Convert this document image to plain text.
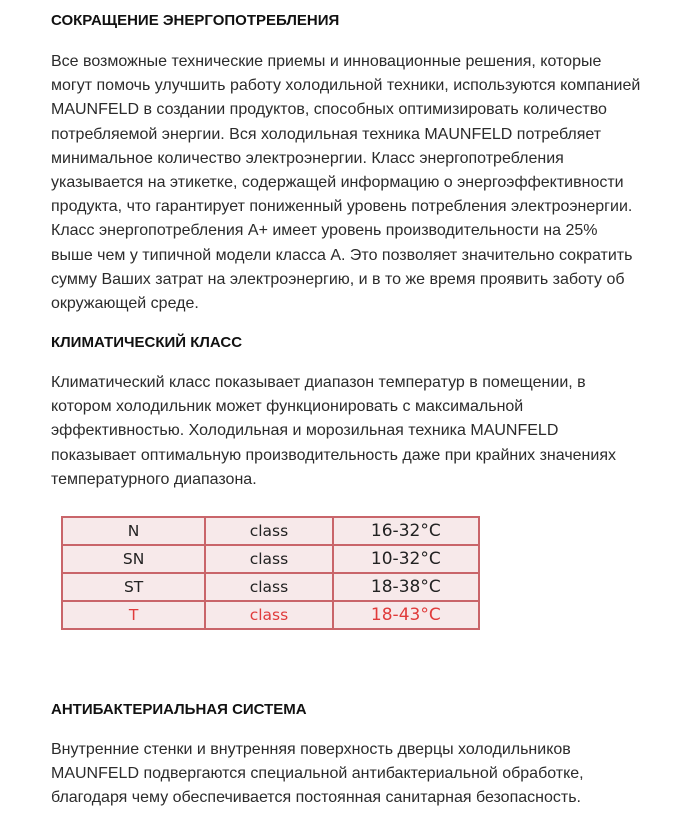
СОКРАЩЕНИЕ ЭНЕРГОПОТРЕБЛЕНИЯ

Все возможные технические приемы и инновационные решения, которые могут помочь улучшить работу холодильной техники, используются компанией MAUNFELD в создании продуктов, способных оптимизировать количество потребляемой энергии. Вся холодильная техника MAUNFELD потребляет минимальное количество электроэнергии. Класс энергопотребления указывается на этикетке, содержащей информацию о энергоэффективности продукта, что гарантирует пониженный уровень потребления электроэнергии. Класс энергопотребления А+ имеет уровень производительности на 25% выше чем у типичной модели класса А. Это позволяет значительно сократить сумму Ваших затрат на электроэнергию, и в то же время проявить заботу об окружающей среде.

КЛИМАТИЧЕСКИЙ КЛАСС

Климатический класс показывает диапазон температур в помещении, в котором холодильник может функционировать с максимальной эффективностью. Холодильная и морозильная техника MAUNFELD показывает оптимальную производительность даже при крайних значениях температурного диапазона.

N	class	16-32°C
SN	class	10-32°C
ST	class	18-38°C
T	class	18-43°C
АНТИБАКТЕРИАЛЬНАЯ СИСТЕМА

Внутренние стенки и внутренняя поверхность дверцы холодильников MAUNFELD подвергаются специальной антибактериальной обработке, благодаря чему обеспечивается постоянная санитарная безопасность.
